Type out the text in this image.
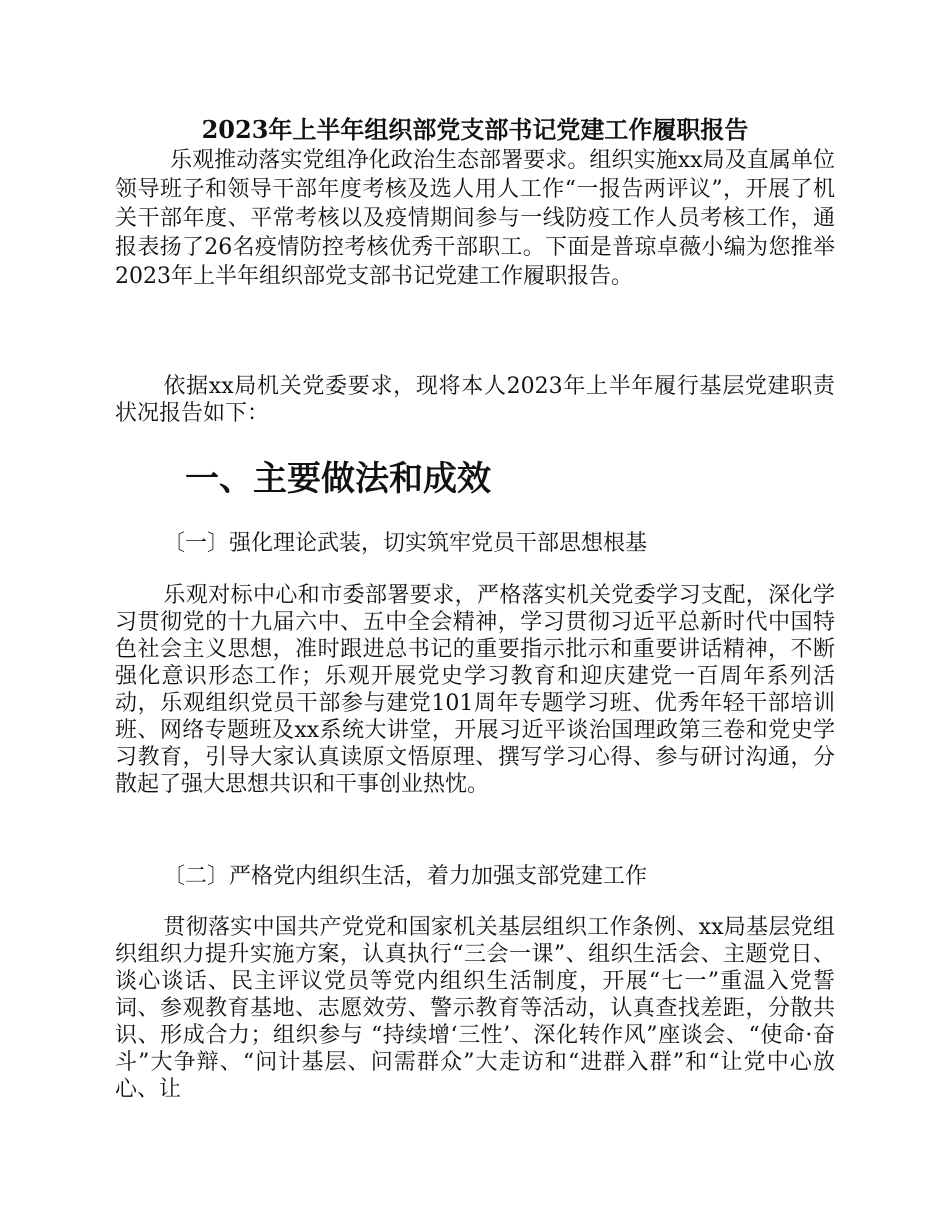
2023年上半年组织部党支部书记党建工作履职报告
乐观推动落实党组净化政治生态部署要求。组织实施xx局及直属单位领导班子和领导干部年度考核及选人用人工作“一报告两评议”，开展了机关干部年度、平常考核以及疫情期间参与一线防疫工作人员考核工作，通报表扬了26名疫情防控考核优秀干部职工。下面是普琼卓薇小编为您推举2023年上半年组织部党支部书记党建工作履职报告。
依据xx局机关党委要求，现将本人2023年上半年履行基层党建职责状况报告如下：
一、主要做法和成效
〔一〕强化理论武装，切实筑牢党员干部思想根基
乐观对标中心和市委部署要求，严格落实机关党委学习支配，深化学习贯彻党的十九届六中、五中全会精神，学习贯彻习近平总新时代中国特色社会主义思想，准时跟进总书记的重要指示批示和重要讲话精神，不断强化意识形态工作；乐观开展党史学习教育和迎庆建党一百周年系列活动，乐观组织党员干部参与建党101周年专题学习班、优秀年轻干部培训班、网络专题班及xx系统大讲堂，开展习近平谈治国理政第三卷和党史学习教育，引导大家认真读原文悟原理、撰写学习心得、参与研讨沟通，分散起了强大思想共识和干事创业热忱。
〔二〕严格党内组织生活，着力加强支部党建工作
贯彻落实中国共产党党和国家机关基层组织工作条例、xx局基层党组织组织力提升实施方案，认真执行“三会一课”、组织生活会、主题党日、谈心谈话、民主评议党员等党内组织生活制度，开展“七一”重温入党誓词、参观教育基地、志愿效劳、警示教育等活动，认真查找差距，分散共识、形成合力；组织参与 “持续增‘三性’、深化转作风”座谈会、“使命·奋斗”大争辩、“问计基层、问需群众”大走访和“进群入群”和“让党中心放心、让
